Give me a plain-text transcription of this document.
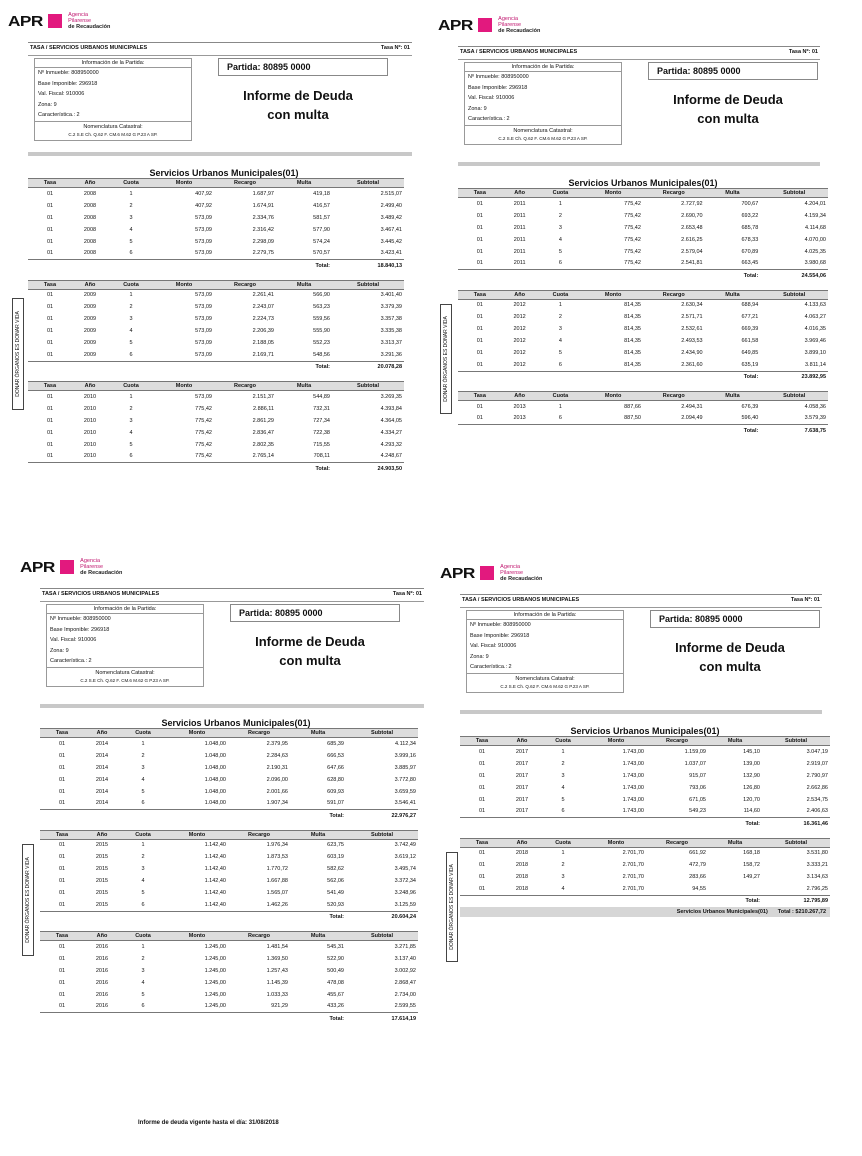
APR	Agencia
Pilarense
de Recaudación
TASA / SERVICIOS URBANOS MUNICIPALES	Tasa Nº: 01
Información de la Partida:
Nº Inmueble: 808950000
Base Imponible: 296918
Val. Fiscal: 910006
Zona: 9
Característica.: 2
Nomenclatura Catastral:
C.2 S.E Ch. Q.62 F. CM.6 M.62 G P.23 A SP.
Partida: 80895 0000
Informe de Deuda
con multa
Servicios Urbanos Municipales(01)
Tasa	Año	Cuota	Monto	Recargo	Multa	Subtotal
01	2008	1	407,92	1.687,97	419,18	2.515,07
01	2008	2	407,92	1.674,91	416,57	2.499,40
01	2008	3	573,09	2.334,76	581,57	3.489,42
01	2008	4	573,09	2.316,42	577,90	3.467,41
01	2008	5	573,09	2.298,09	574,24	3.445,42
01	2008	6	573,09	2.279,75	570,57	3.423,41
					Total:	18.840,13
Tasa	Año	Cuota	Monto	Recargo	Multa	Subtotal
01	2009	1	573,09	2.261,41	566,90	3.401,40
01	2009	2	573,09	2.243,07	563,23	3.379,39
01	2009	3	573,09	2.224,73	559,56	3.357,38
01	2009	4	573,09	2.206,39	555,90	3.335,38
01	2009	5	573,09	2.188,05	552,23	3.313,37
01	2009	6	573,09	2.169,71	548,56	3.291,36
					Total:	20.078,28
Tasa	Año	Cuota	Monto	Recargo	Multa	Subtotal
01	2010	1	573,09	2.151,37	544,89	3.269,35
01	2010	2	775,42	2.886,11	732,31	4.393,84
01	2010	3	775,42	2.861,29	727,34	4.364,05
01	2010	4	775,42	2.836,47	722,38	4.334,27
01	2010	5	775,42	2.802,35	715,55	4.293,32
01	2010	6	775,42	2.765,14	708,11	4.248,67
					Total:	24.903,50
DONAR ÓRGANOS ES DONAR VIDA
APR	Agencia
Pilarense
de Recaudación
TASA / SERVICIOS URBANOS MUNICIPALES	Tasa Nº: 01
Información de la Partida:
Nº Inmueble: 808950000
Base Imponible: 296918
Val. Fiscal: 910006
Zona: 9
Característica.: 2
Nomenclatura Catastral:
C.2 S.E Ch. Q.62 F. CM.6 M.62 G P.23 A SP.
Partida: 80895 0000
Informe de Deuda
con multa
Servicios Urbanos Municipales(01)
Tasa	Año	Cuota	Monto	Recargo	Multa	Subtotal
01	2011	1	775,42	2.727,92	700,67	4.204,01
01	2011	2	775,42	2.690,70	693,22	4.159,34
01	2011	3	775,42	2.653,48	685,78	4.114,68
01	2011	4	775,42	2.616,25	678,33	4.070,00
01	2011	5	775,42	2.579,04	670,89	4.025,35
01	2011	6	775,42	2.541,81	663,45	3.980,68
					Total:	24.554,06
Tasa	Año	Cuota	Monto	Recargo	Multa	Subtotal
01	2012	1	814,35	2.630,34	688,94	4.133,63
01	2012	2	814,35	2.571,71	677,21	4.063,27
01	2012	3	814,35	2.532,61	669,39	4.016,35
01	2012	4	814,35	2.493,53	661,58	3.969,46
01	2012	5	814,35	2.434,90	649,85	3.899,10
01	2012	6	814,35	2.361,60	635,19	3.811,14
					Total:	23.892,95
Tasa	Año	Cuota	Monto	Recargo	Multa	Subtotal
01	2013	1	887,66	2.494,31	676,39	4.058,36
01	2013	6	887,50	2.094,49	596,40	3.579,39
					Total:	7.638,75
DONAR ÓRGANOS ES DONAR VIDA
APR	Agencia
Pilarense
de Recaudación
TASA / SERVICIOS URBANOS MUNICIPALES	Tasa Nº: 01
Información de la Partida:
Nº Inmueble: 808950000
Base Imponible: 296918
Val. Fiscal: 910006
Zona: 9
Característica.: 2
Nomenclatura Catastral:
C.2 S.E Ch. Q.62 F. CM.6 M.62 G P.23 A SP.
Partida: 80895 0000
Informe de Deuda
con multa
Servicios Urbanos Municipales(01)
Tasa	Año	Cuota	Monto	Recargo	Multa	Subtotal
01	2014	1	1.048,00	2.379,95	685,39	4.112,34
01	2014	2	1.048,00	2.284,63	666,53	3.999,16
01	2014	3	1.048,00	2.190,31	647,66	3.885,97
01	2014	4	1.048,00	2.096,00	628,80	3.772,80
01	2014	5	1.048,00	2.001,66	609,93	3.659,59
01	2014	6	1.048,00	1.907,34	591,07	3.546,41
					Total:	22.976,27
Tasa	Año	Cuota	Monto	Recargo	Multa	Subtotal
01	2015	1	1.142,40	1.976,34	623,75	3.742,49
01	2015	2	1.142,40	1.873,53	603,19	3.619,12
01	2015	3	1.142,40	1.770,72	582,62	3.495,74
01	2015	4	1.142,40	1.667,88	562,06	3.372,34
01	2015	5	1.142,40	1.565,07	541,49	3.248,96
01	2015	6	1.142,40	1.462,26	520,93	3.125,59
					Total:	20.604,24
Tasa	Año	Cuota	Monto	Recargo	Multa	Subtotal
01	2016	1	1.245,00	1.481,54	545,31	3.271,85
01	2016	2	1.245,00	1.369,50	522,90	3.137,40
01	2016	3	1.245,00	1.257,43	500,49	3.002,92
01	2016	4	1.245,00	1.145,39	478,08	2.868,47
01	2016	5	1.245,00	1.033,33	455,67	2.734,00
01	2016	6	1.245,00	921,29	433,26	2.599,55
					Total:	17.614,19
DONAR ÓRGANOS ES DONAR VIDA
APR	Agencia
Pilarense
de Recaudación
TASA / SERVICIOS URBANOS MUNICIPALES	Tasa Nº: 01
Información de la Partida:
Nº Inmueble: 808950000
Base Imponible: 296918
Val. Fiscal: 910006
Zona: 9
Característica.: 2
Nomenclatura Catastral:
C.2 S.E Ch. Q.62 F. CM.6 M.62 G P.23 A SP.
Partida: 80895 0000
Informe de Deuda
con multa
Servicios Urbanos Municipales(01)
Tasa	Año	Cuota	Monto	Recargo	Multa	Subtotal
01	2017	1	1.743,00	1.159,09	145,10	3.047,19
01	2017	2	1.743,00	1.037,07	139,00	2.919,07
01	2017	3	1.743,00	915,07	132,90	2.790,97
01	2017	4	1.743,00	793,06	126,80	2.662,86
01	2017	5	1.743,00	671,05	120,70	2.534,75
01	2017	6	1.743,00	549,23	114,60	2.406,63
					Total:	16.361,46
Tasa	Año	Cuota	Monto	Recargo	Multa	Subtotal
01	2018	1	2.701,70	661,92	168,18	3.531,80
01	2018	2	2.701,70	472,79	158,72	3.333,21
01	2018	3	2.701,70	283,66	149,27	3.134,63
01	2018	4	2.701,70	94,55		2.796,25
					Total:	12.795,89
Servicios Urbanos Municipales(01) Total : $210.267,72
DONAR ÓRGANOS ES DONAR VIDA
Informe de deuda vigente hasta el día: 31/08/2018
